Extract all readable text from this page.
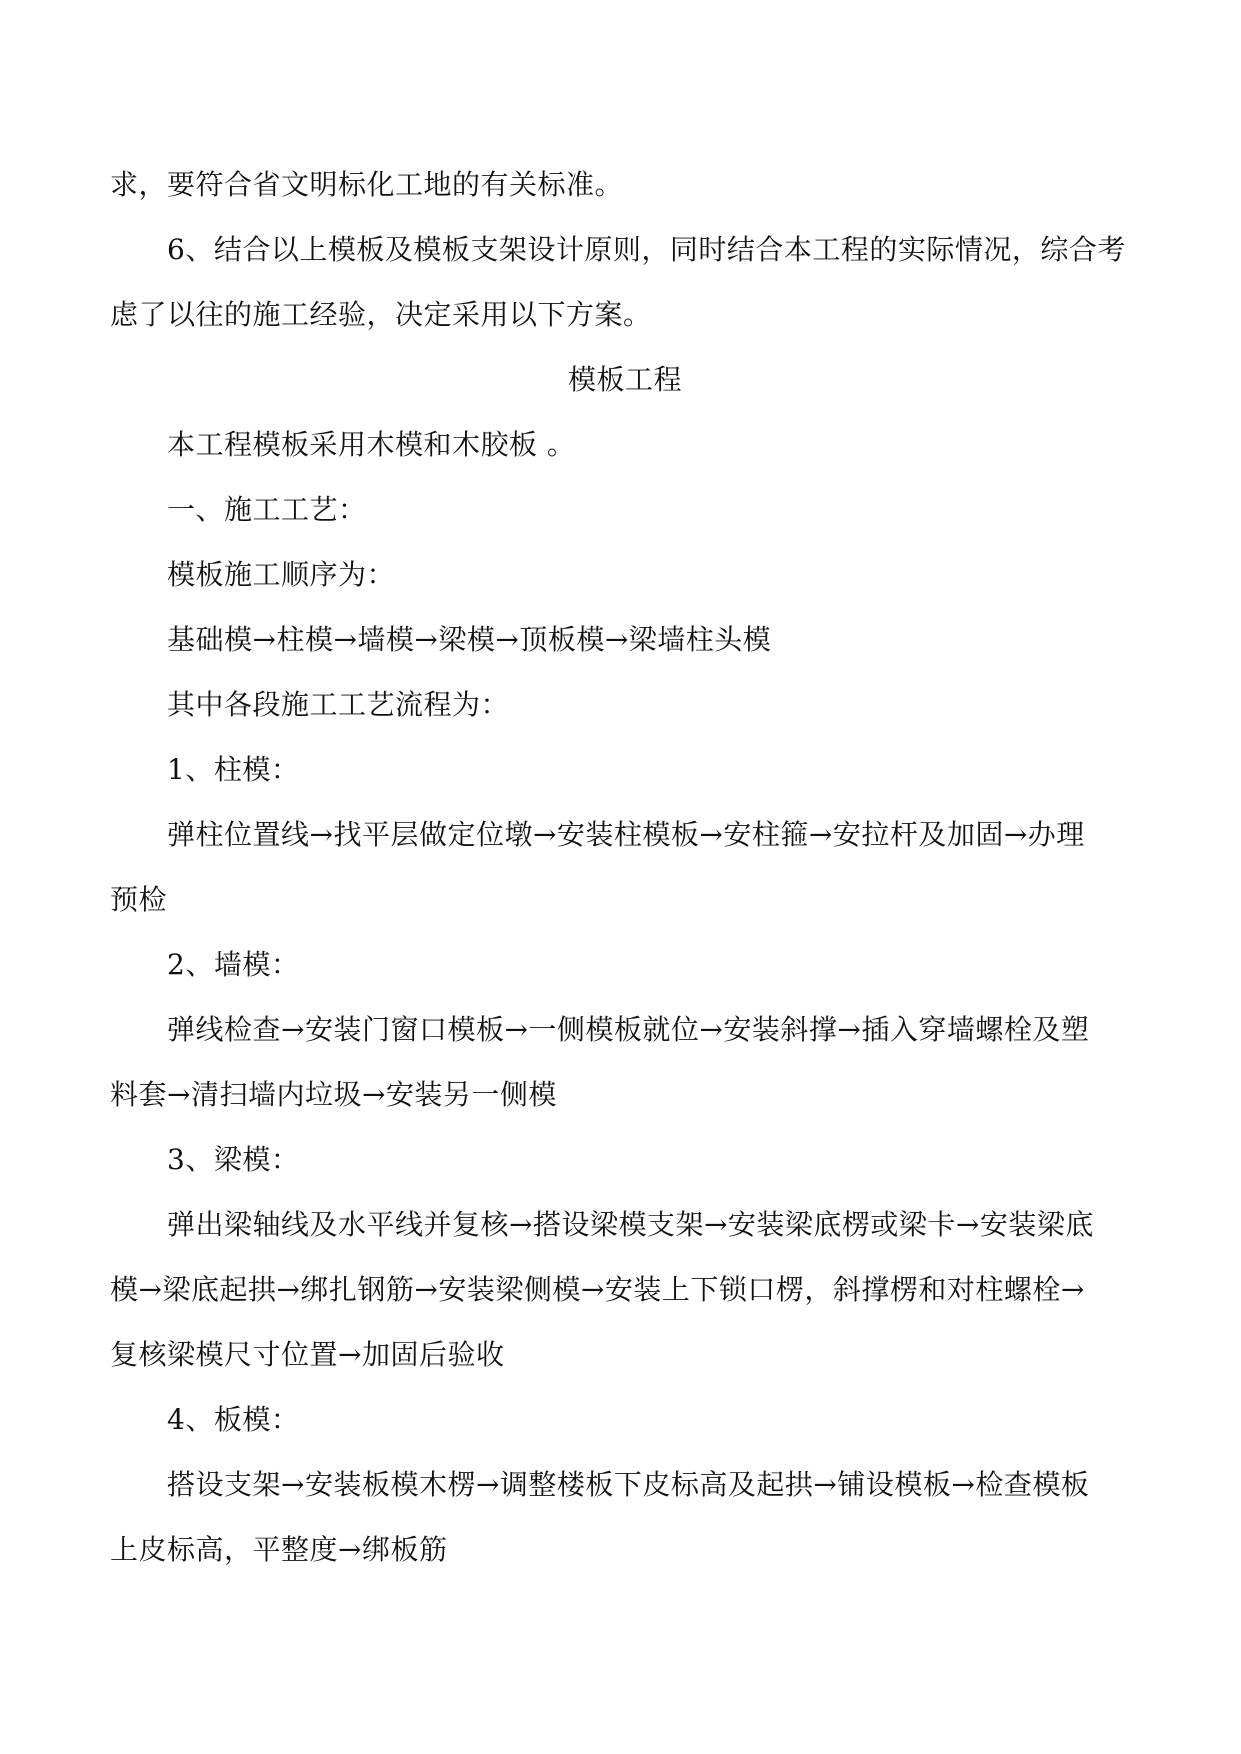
求，要符合省文明标化工地的有关标准。
6、结合以上模板及模板支架设计原则，同时结合本工程的实际情况，综合考
虑了以往的施工经验，决定采用以下方案。
模板工程
本工程模板采用木模和木胶板 。
一、施工工艺：
模板施工顺序为：
基础模→柱模→墙模→梁模→顶板模→梁墙柱头模
其中各段施工工艺流程为：
1、柱模：
弹柱位置线→找平层做定位墩→安装柱模板→安柱箍→安拉杆及加固→办理
预检
2、墙模：
弹线检查→安装门窗口模板→一侧模板就位→安装斜撑→插入穿墙螺栓及塑
料套→清扫墙内垃圾→安装另一侧模
3、梁模：
弹出梁轴线及水平线并复核→搭设梁模支架→安装梁底楞或梁卡→安装梁底
模→梁底起拱→绑扎钢筋→安装梁侧模→安装上下锁口楞，斜撑楞和对柱螺栓→
复核梁模尺寸位置→加固后验收
4、板模：
搭设支架→安装板模木楞→调整楼板下皮标高及起拱→铺设模板→检查模板
上皮标高，平整度→绑板筋
